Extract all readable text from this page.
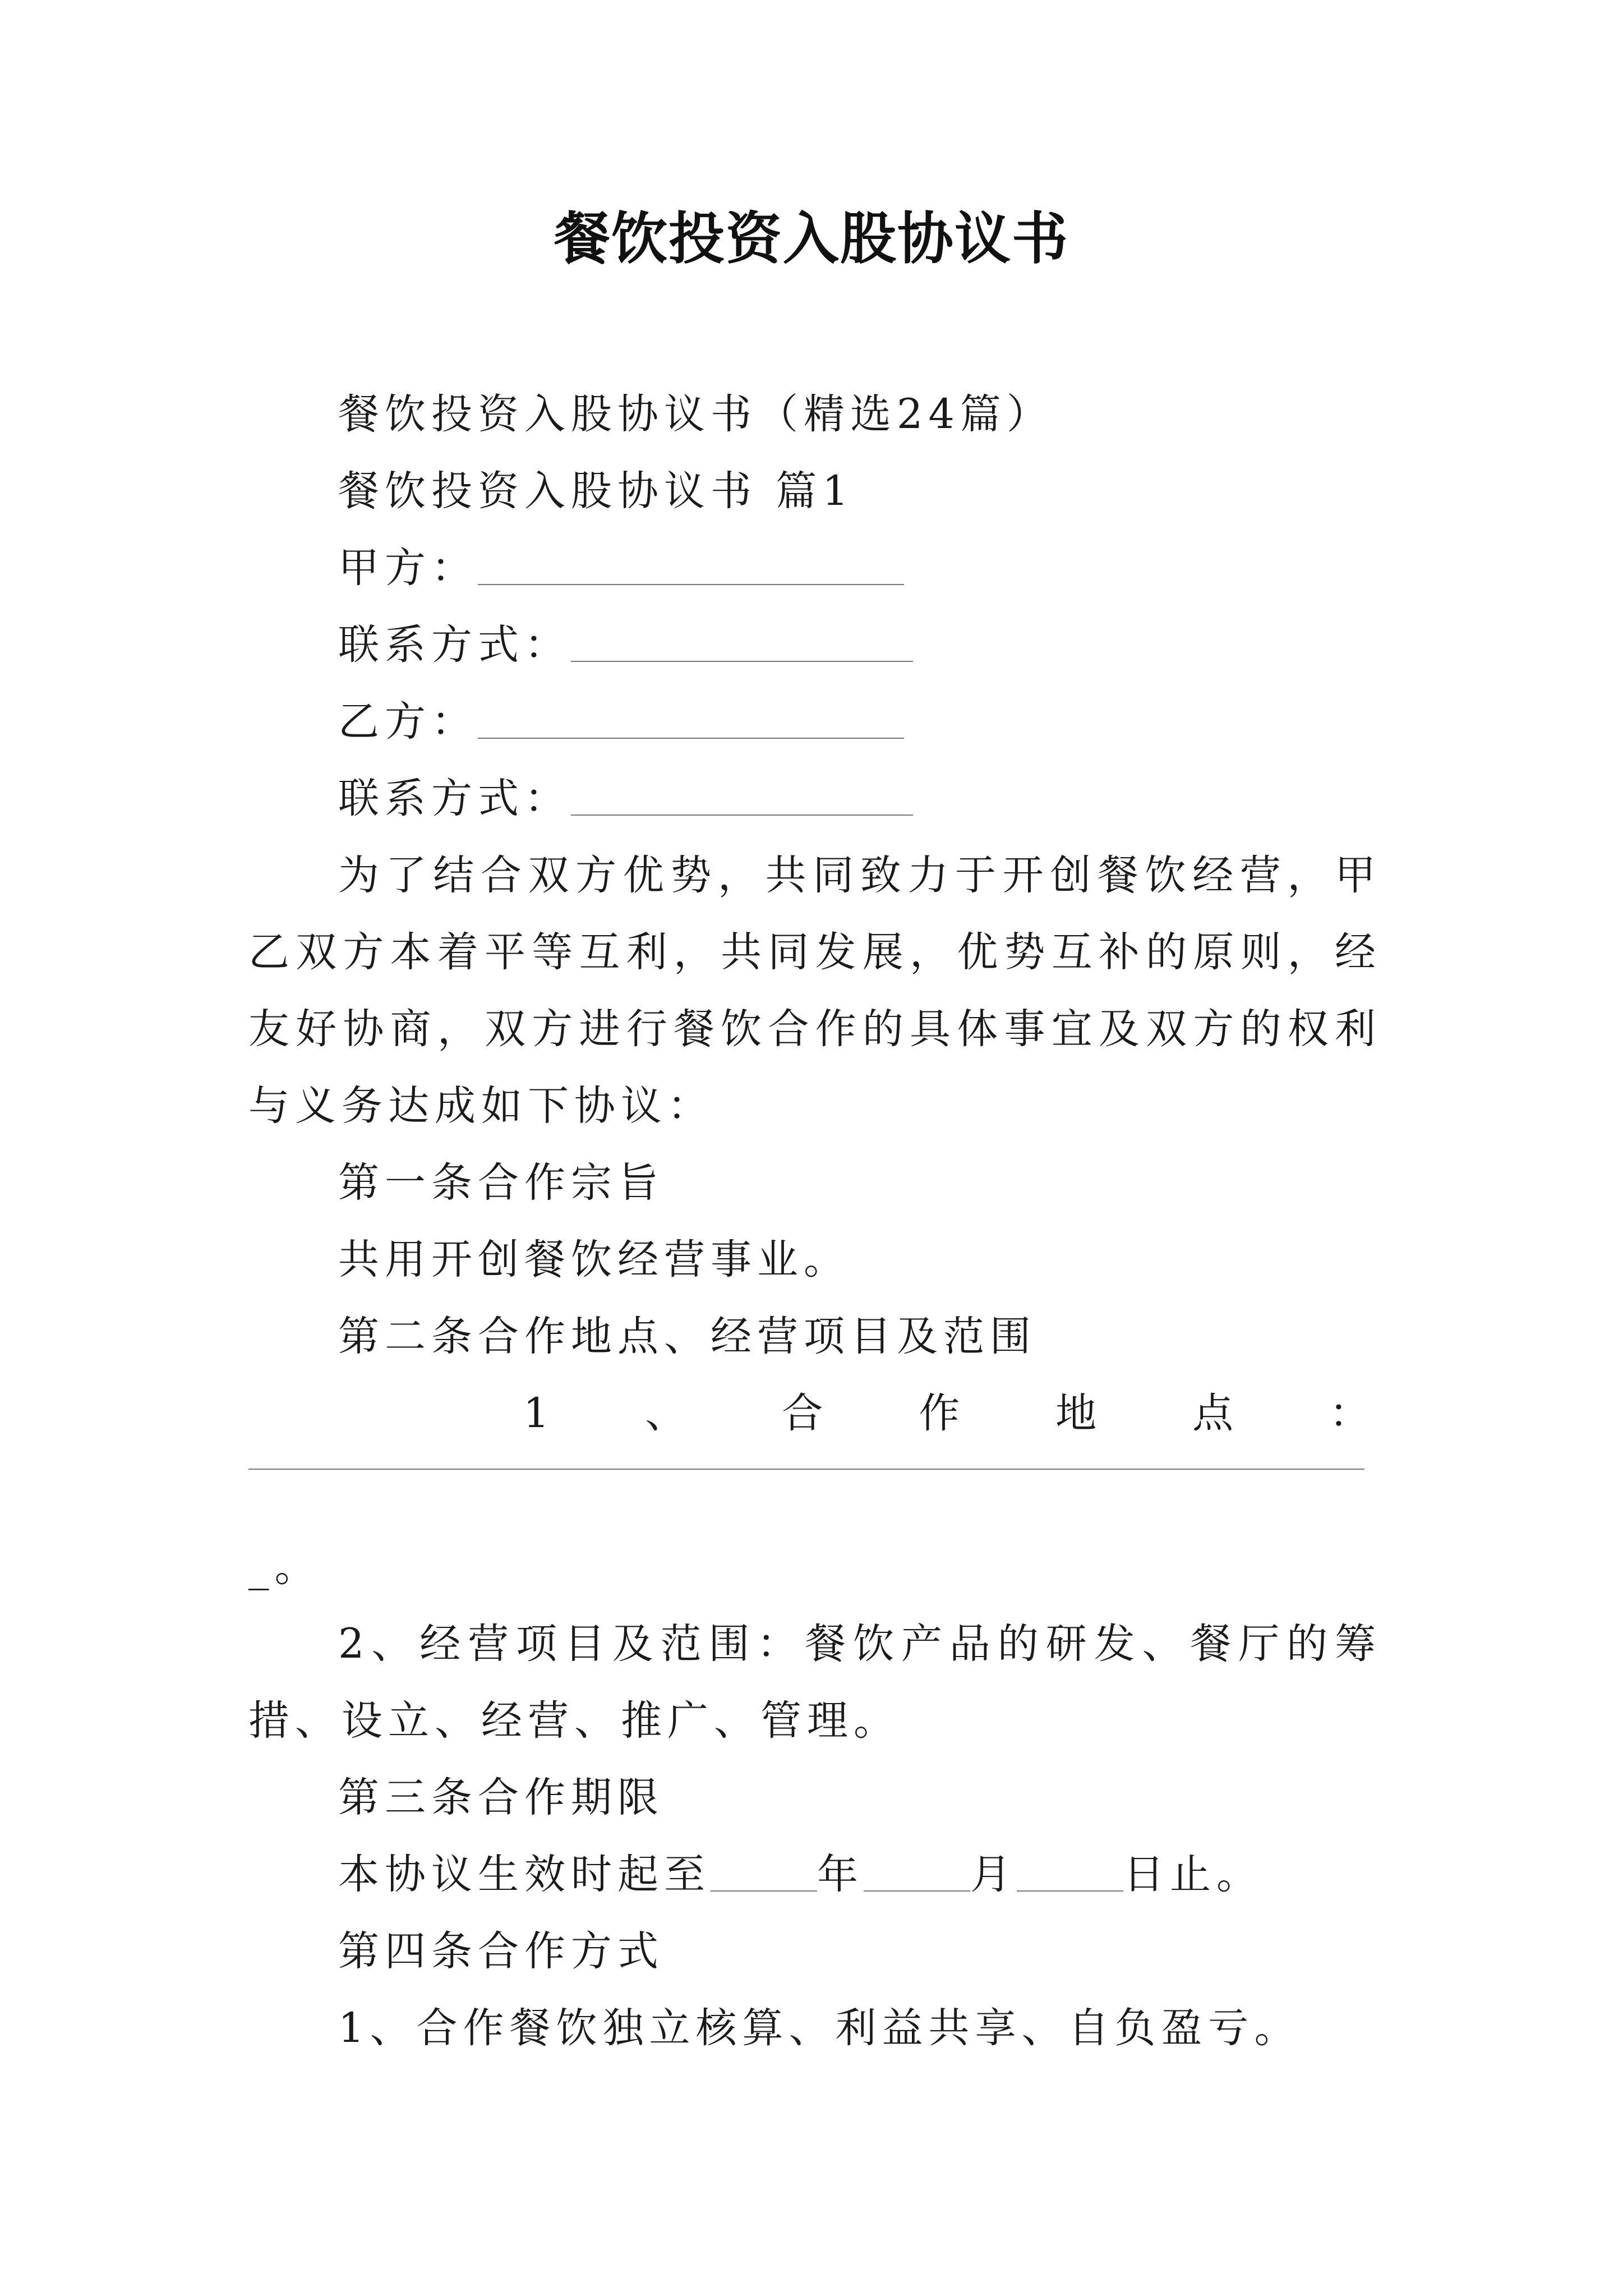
餐饮投资入股协议书
餐饮投资入股协议书（精选24篇）
餐饮投资入股协议书 篇1
甲方：
联系方式：
乙方：
联系方式：

为了结合双方优势，共同致力于开创餐饮经营，甲乙双方本着平等互利，共同发展，优势互补的原则，经友好协商，双方进行餐饮合作的具体事宜及双方的权利与义务达成如下协议：

第一条合作宗旨
共用开创餐饮经营事业。
第二条合作地点、经营项目及范围
1 、 合 作 地 点 ：
_。

2、经营项目及范围：餐饮产品的研发、餐厅的筹措、设立、经营、推广、管理。

第三条合作期限
本协议生效时起至	年	月	日止。
第四条合作方式
1、合作餐饮独立核算、利益共享、自负盈亏。
